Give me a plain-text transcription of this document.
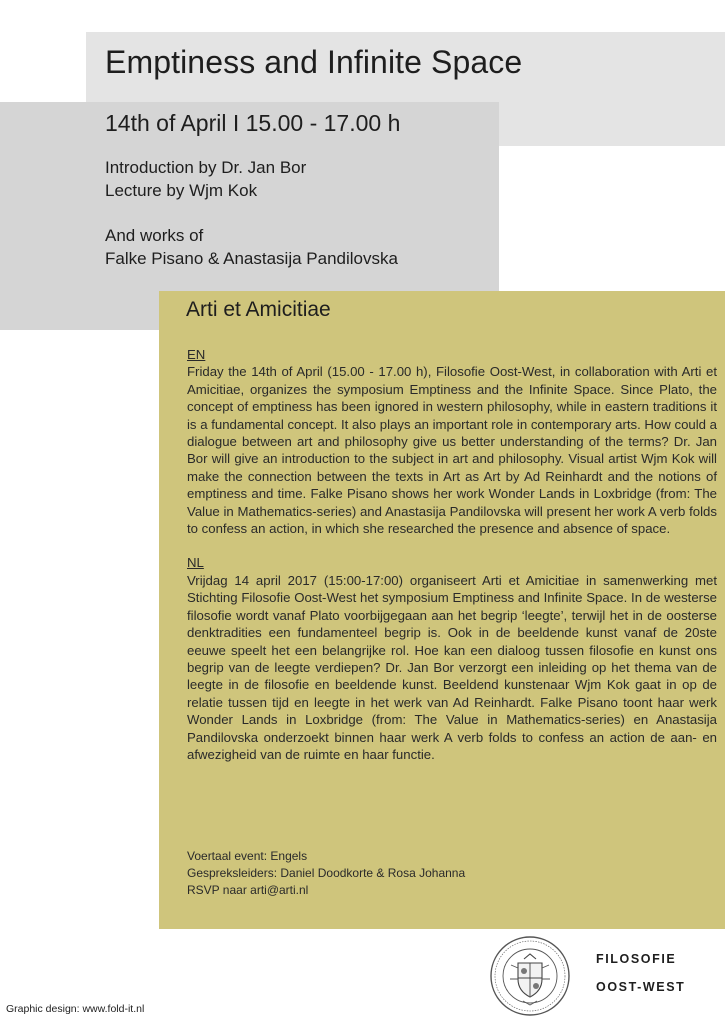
Emptiness and Infinite Space
14th of April I 15.00 - 17.00 h

Introduction by Dr. Jan Bor

Lecture by Wjm Kok

And works of

Falke Pisano & Anastasija Pandilovska

Arti et Amicitiae
EN

Friday the 14th of April (15.00 - 17.00 h), Filosofie Oost-West, in collaboration with Arti et Amicitiae, organizes the symposium Emptiness and the Infinite Space. Since Plato, the concept of emptiness has been ignored in western philosophy, while in eastern traditions it is a fundamental concept. It also plays an important role in contemporary arts. How could a dialogue between art and philosophy give us better understanding of the terms? Dr. Jan Bor will give an introduction to the subject in art and philosophy. Visual artist Wjm Kok will make the connection between the texts in Art as Art by Ad Reinhardt and the notions of emptiness and time. Falke Pisano shows her work Wonder Lands in Loxbridge (from: The Value in Mathematics-series) and Anastasija Pandilovska will present her work A verb folds to confess an action, in which she researched the presence and absence of space.

NL

Vrijdag 14 april 2017 (15:00-17:00) organiseert Arti et Amicitiae in samenwerking met Stichting Filosofie Oost-West het symposium Emptiness and Infinite Space. In de westerse filosofie wordt vanaf Plato voorbijgegaan aan het begrip ‘leegte’, terwijl het in de oosterse denktradities een fundamenteel begrip is. Ook in de beeldende kunst vanaf de 20ste eeuwe speelt het een belangrijke rol. Hoe kan een dialoog tussen filosofie en kunst ons begrip van de leegte verdiepen? Dr. Jan Bor verzorgt een inleiding op het thema van de leegte in de filosofie en beeldende kunst. Beeldend kunstenaar Wjm Kok gaat in op de relatie tussen tijd en leegte in het werk van Ad Reinhardt. Falke Pisano toont haar werk Wonder Lands in Loxbridge (from: The Value in Mathematics-series) en Anastasija Pandilovska onderzoekt binnen haar werk A verb folds to confess an action de aan- en afwezigheid van de ruimte en haar functie.

Voertaal event: Engels

Gespreksleiders: Daniel Doodkorte & Rosa Johanna

RSVP naar arti@arti.nl

FILOSOFIE

OOST-WEST

Graphic design: www.fold-it.nl
